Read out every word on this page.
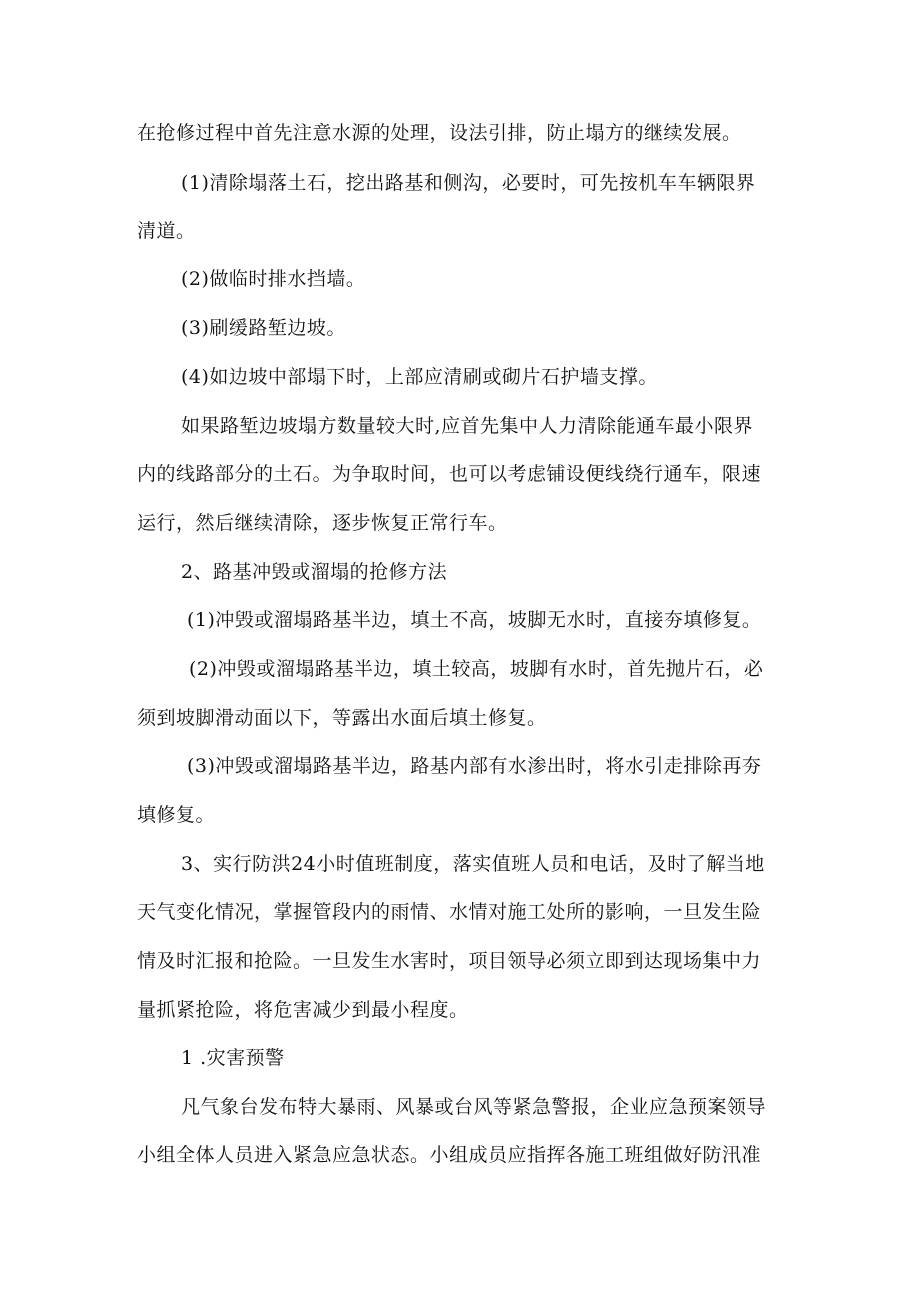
在抢修过程中首先注意水源的处理，设法引排，防止塌方的继续发展。
(1)清除塌落土石，挖出路基和侧沟，必要时，可先按机车车辆限界
清道。
(2)做临时排水挡墙。
(3)刷缓路堑边坡。
(4)如边坡中部塌下时，上部应清刷或砌片石护墙支撑。
如果路堑边坡塌方数量较大时,应首先集中人力清除能通车最小限界
内的线路部分的土石。为争取时间，也可以考虑铺设便线绕行通车，限速
运行，然后继续清除，逐步恢复正常行车。
2、路基冲毁或溜塌的抢修方法
(1)冲毁或溜塌路基半边，填土不高，坡脚无水时，直接夯填修复。
(2)冲毁或溜塌路基半边，填土较高，坡脚有水时，首先抛片石，必
须到坡脚滑动面以下，等露出水面后填土修复。
(3)冲毁或溜塌路基半边，路基内部有水渗出时，将水引走排除再夯
填修复。
3、实行防洪24小时值班制度，落实值班人员和电话，及时了解当地
天气变化情况，掌握管段内的雨情、水情对施工处所的影响，一旦发生险
情及时汇报和抢险。一旦发生水害时，项目领导必须立即到达现场集中力
量抓紧抢险，将危害减少到最小程度。
1 .灾害预警
凡气象台发布特大暴雨、风暴或台风等紧急警报，企业应急预案领导
小组全体人员进入紧急应急状态。小组成员应指挥各施工班组做好防汛准
